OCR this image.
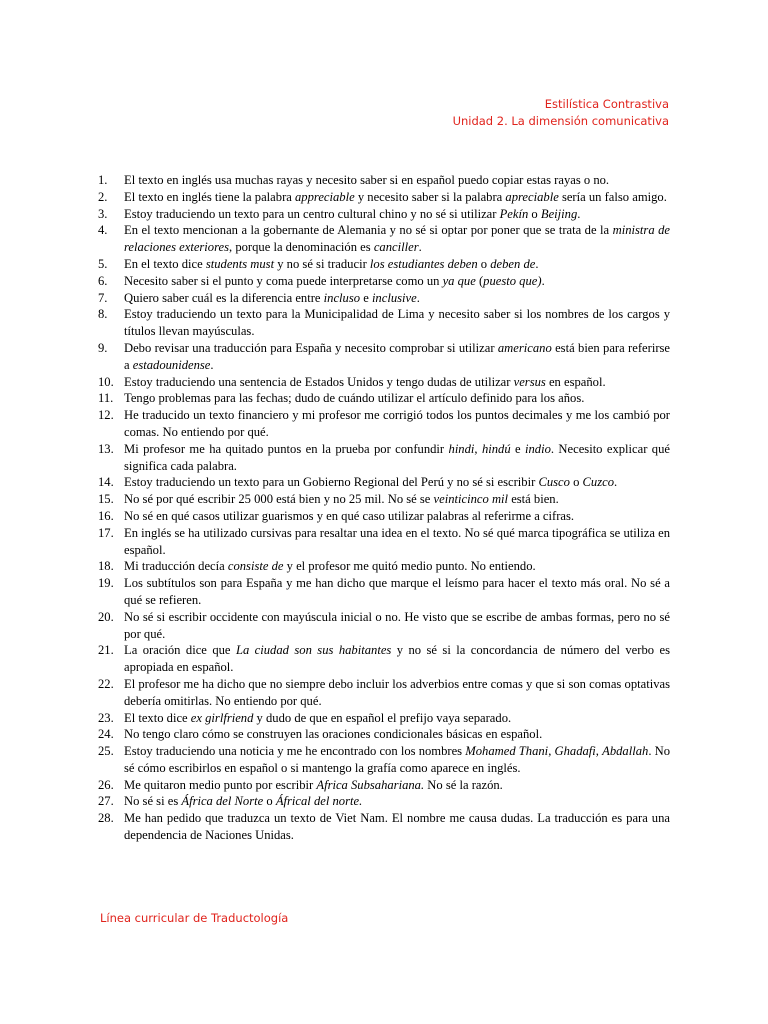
Estilística Contrastiva
Unidad 2. La dimensión comunicativa
1. El texto en inglés usa muchas rayas y necesito saber si en español puedo copiar estas rayas o no.
2. El texto en inglés tiene la palabra appreciable y necesito saber si la palabra apreciable sería un falso amigo.
3. Estoy traduciendo un texto para un centro cultural chino y no sé si utilizar Pekín o Beijing.
4. En el texto mencionan a la gobernante de Alemania y no sé si optar por poner que se trata de la ministra de relaciones exteriores, porque la denominación es canciller.
5. En el texto dice students must y no sé si traducir los estudiantes deben o deben de.
6. Necesito saber si el punto y coma puede interpretarse como un ya que (puesto que).
7. Quiero saber cuál es la diferencia entre incluso e inclusive.
8. Estoy traduciendo un texto para la Municipalidad de Lima y necesito saber si los nombres de los cargos y títulos llevan mayúsculas.
9. Debo revisar una traducción para España y necesito comprobar si utilizar americano está bien para referirse a estadounidense.
10. Estoy traduciendo una sentencia de Estados Unidos y tengo dudas de utilizar versus en español.
11. Tengo problemas para las fechas; dudo de cuándo utilizar el artículo definido para los años.
12. He traducido un texto financiero y mi profesor me corrigió todos los puntos decimales y me los cambió por comas. No entiendo por qué.
13. Mi profesor me ha quitado puntos en la prueba por confundir hindi, hindú e indio. Necesito explicar qué significa cada palabra.
14. Estoy traduciendo un texto para un Gobierno Regional del Perú y no sé si escribir Cusco o Cuzco.
15. No sé por qué escribir 25 000 está bien y no 25 mil. No sé se veinticinco mil está bien.
16. No sé en qué casos utilizar guarismos y en qué caso utilizar palabras al referirme a cifras.
17. En inglés se ha utilizado cursivas para resaltar una idea en el texto. No sé qué marca tipográfica se utiliza en español.
18. Mi traducción decía consiste de y el profesor me quitó medio punto. No entiendo.
19. Los subtítulos son para España y me han dicho que marque el leísmo para hacer el texto más oral. No sé a qué se refieren.
20. No sé si escribir occidente con mayúscula inicial o no. He visto que se escribe de ambas formas, pero no sé por qué.
21. La oración dice que La ciudad son sus habitantes y no sé si la concordancia de número del verbo es apropiada en español.
22. El profesor me ha dicho que no siempre debo incluir los adverbios entre comas y que si son comas optativas debería omitirlas. No entiendo por qué.
23. El texto dice ex girlfriend y dudo de que en español el prefijo vaya separado.
24. No tengo claro cómo se construyen las oraciones condicionales básicas en español.
25. Estoy traduciendo una noticia y me he encontrado con los nombres Mohamed Thani, Ghadafi, Abdallah. No sé cómo escribirlos en español o si mantengo la grafía como aparece en inglés.
26. Me quitaron medio punto por escribir Africa Subsahariana. No sé la razón.
27. No sé si es África del Norte o Áfrical del norte.
28. Me han pedido que traduzca un texto de Viet Nam. El nombre me causa dudas. La traducción es para una dependencia de Naciones Unidas.
Línea curricular de Traductología
